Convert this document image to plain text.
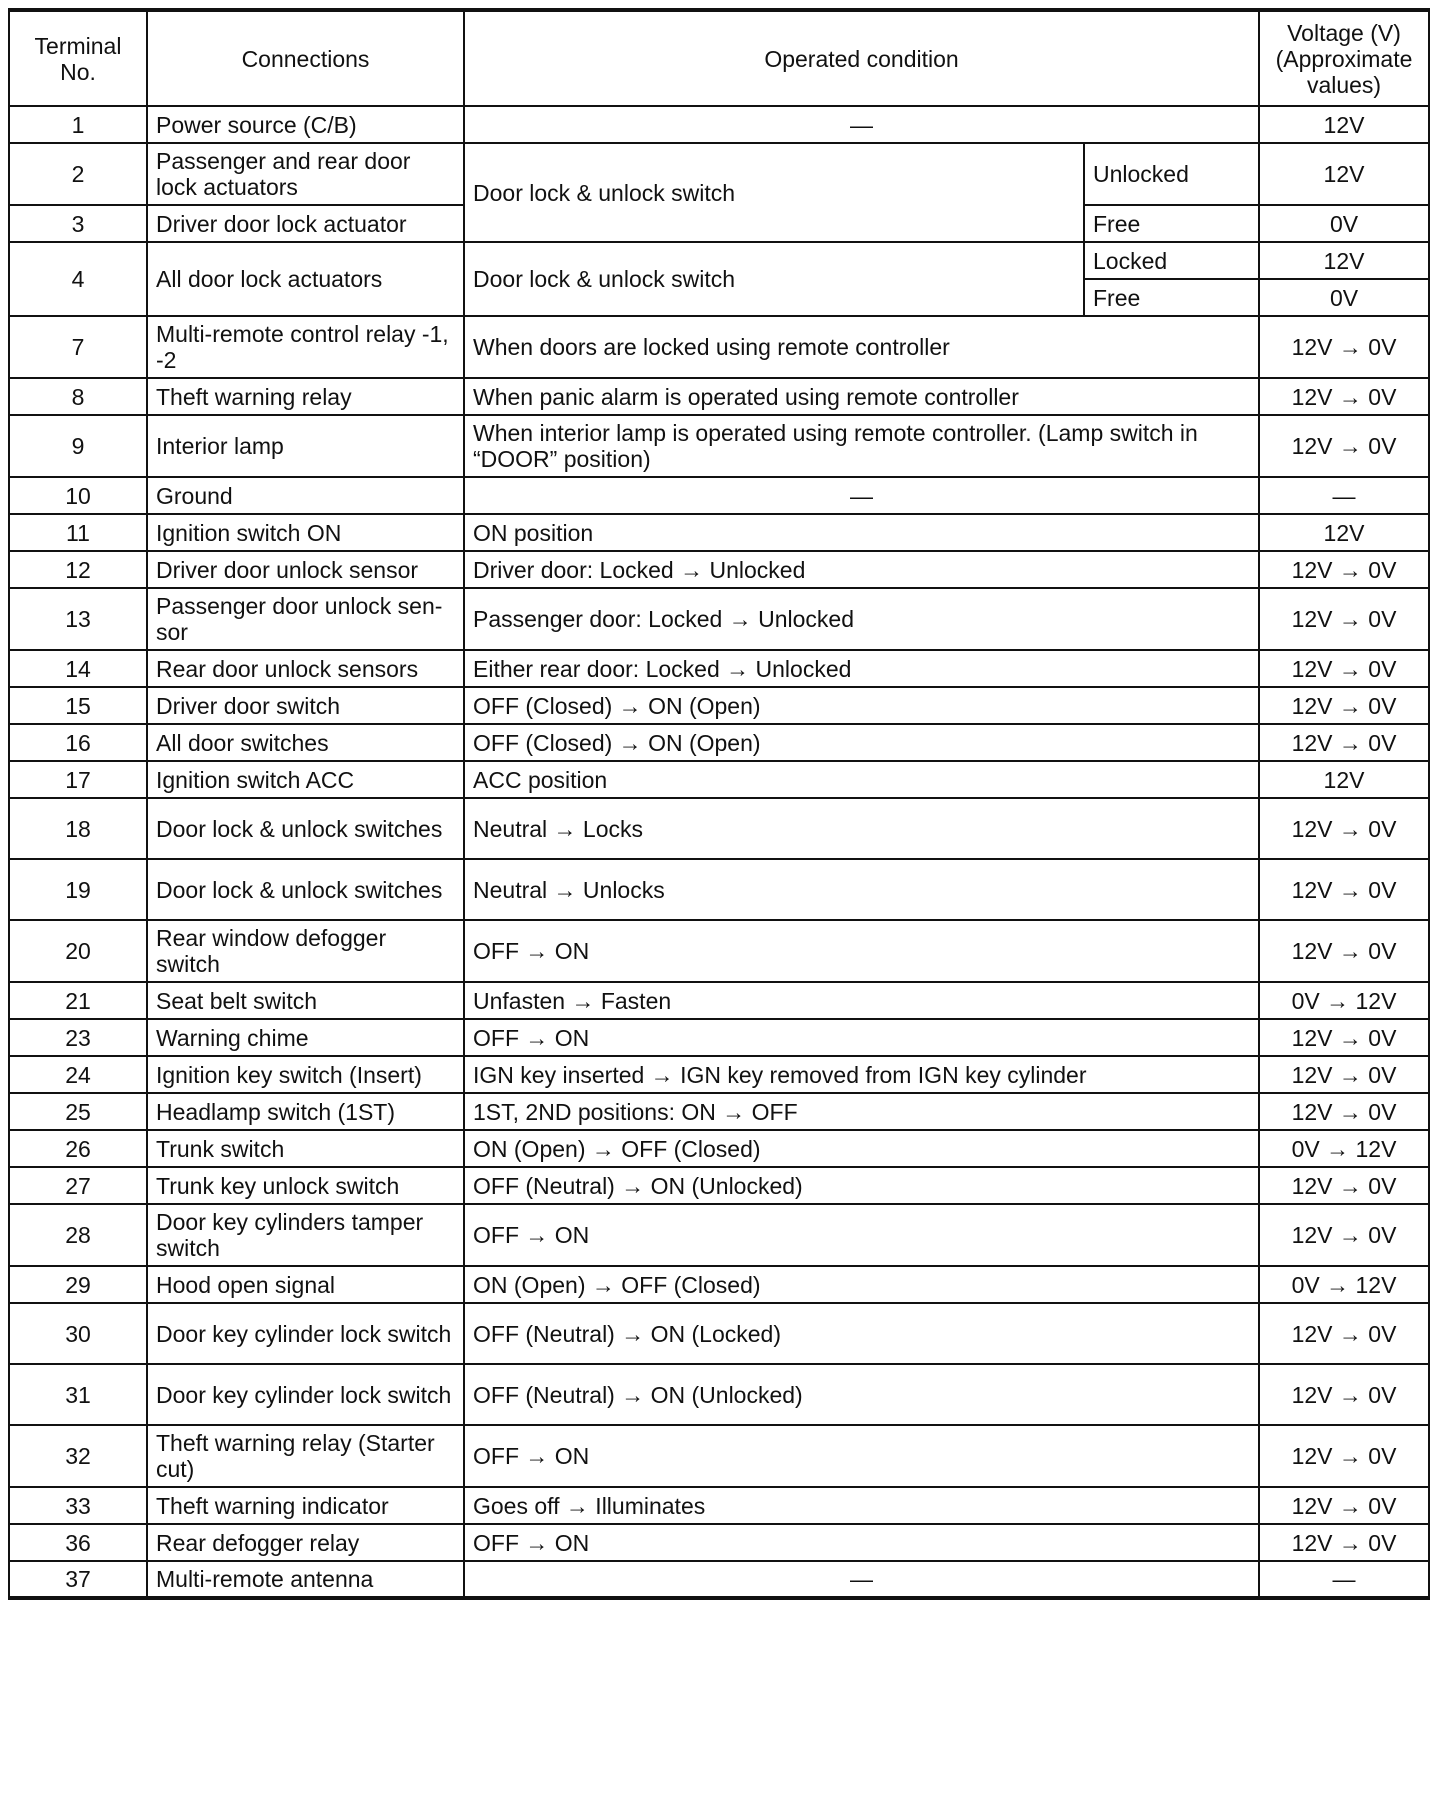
Terminal No.	Connections	Operated condition		Voltage (V) (Approximate values)
1	Power source (C/B)	—		12V
2	Passenger and rear door lock actuators	Door lock & unlock switch	Unlocked	12V
3	Driver door lock actuator		Free	0V
4	All door lock actuators	Door lock & unlock switch	Locked	12V
			Free	0V
7	Multi-remote control relay -1, -2	When doors are locked using remote controller		12V → 0V
8	Theft warning relay	When panic alarm is operated using remote controller		12V → 0V
9	Interior lamp	When interior lamp is operated using remote controller. (Lamp switch in “DOOR” position)		12V → 0V
10	Ground	—		—
11	Ignition switch ON	ON position		12V
12	Driver door unlock sensor	Driver door: Locked → Unlocked		12V → 0V
13	Passenger door unlock sen-sor	Passenger door: Locked → Unlocked		12V → 0V
14	Rear door unlock sensors	Either rear door: Locked → Unlocked		12V → 0V
15	Driver door switch	OFF (Closed) → ON (Open)		12V → 0V
16	All door switches	OFF (Closed) → ON (Open)		12V → 0V
17	Ignition switch ACC	ACC position		12V
18	Door lock & unlock switches	Neutral → Locks		12V → 0V
19	Door lock & unlock switches	Neutral → Unlocks		12V → 0V
20	Rear window defogger switch	OFF → ON		12V → 0V
21	Seat belt switch	Unfasten → Fasten		0V → 12V
23	Warning chime	OFF → ON		12V → 0V
24	Ignition key switch (Insert)	IGN key inserted → IGN key removed from IGN key cylinder		12V → 0V
25	Headlamp switch (1ST)	1ST, 2ND positions: ON → OFF		12V → 0V
26	Trunk switch	ON (Open) → OFF (Closed)		0V → 12V
27	Trunk key unlock switch	OFF (Neutral) → ON (Unlocked)		12V → 0V
28	Door key cylinders tamper switch	OFF → ON		12V → 0V
29	Hood open signal	ON (Open) → OFF (Closed)		0V → 12V
30	Door key cylinder lock switch	OFF (Neutral) → ON (Locked)		12V → 0V
31	Door key cylinder lock switch	OFF (Neutral) → ON (Unlocked)		12V → 0V
32	Theft warning relay (Starter cut)	OFF → ON		12V → 0V
33	Theft warning indicator	Goes off → Illuminates		12V → 0V
36	Rear defogger relay	OFF → ON		12V → 0V
37	Multi-remote antenna	—		—
